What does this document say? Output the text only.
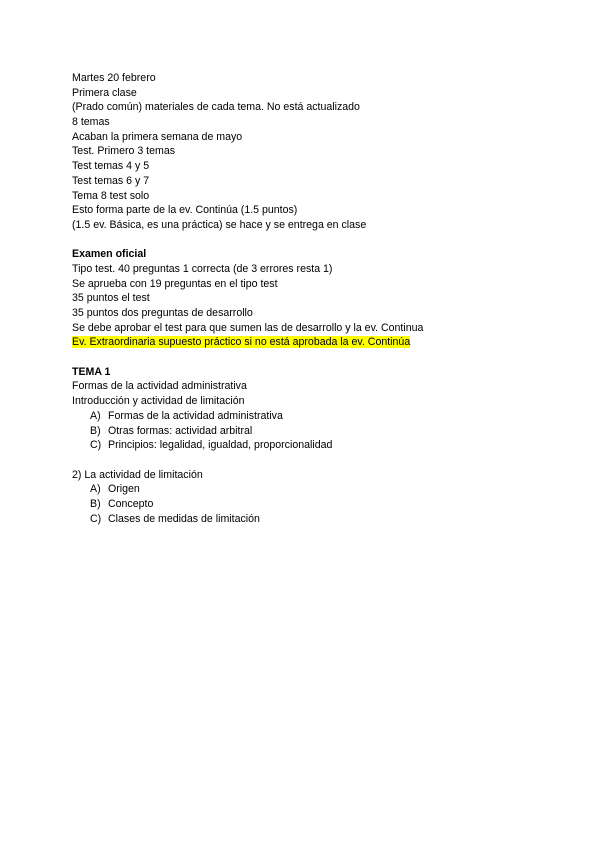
Martes 20 febrero
Primera clase
(Prado común) materiales de cada tema. No está actualizado
8 temas
Acaban la primera semana de mayo
Test. Primero 3 temas
Test temas 4 y 5
Test temas 6 y 7
Tema 8 test solo
Esto forma parte de la ev. Continúa (1.5 puntos)
(1.5 ev. Básica, es una práctica) se hace y se entrega en clase
Examen oficial
Tipo test. 40 preguntas 1 correcta (de 3 errores resta 1)
Se aprueba con 19 preguntas en el tipo test
35 puntos el test
35 puntos dos preguntas de desarrollo
Se debe aprobar el test para que sumen las de desarrollo y la ev. Continua
Ev. Extraordinaria supuesto práctico si no está aprobada la ev. Continúa
TEMA 1
Formas de la actividad administrativa
Introducción y actividad de limitación
A) Formas de la actividad administrativa
B) Otras formas: actividad arbitral
C) Principios: legalidad, igualdad, proporcionalidad
2) La actividad de limitación
A) Origen
B) Concepto
C) Clases de medidas de limitación
